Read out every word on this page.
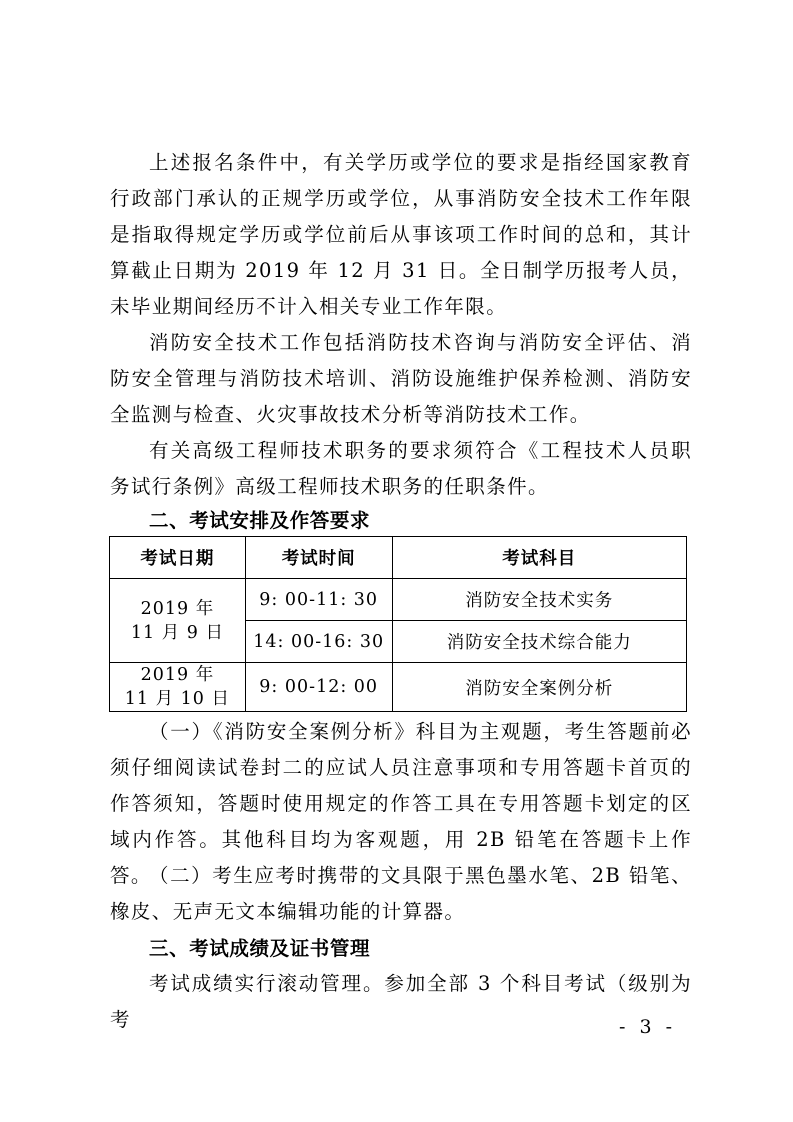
上述报名条件中，有关学历或学位的要求是指经国家教育行政部门承认的正规学历或学位，从事消防安全技术工作年限是指取得规定学历或学位前后从事该项工作时间的总和，其计算截止日期为 2019 年 12 月 31 日。全日制学历报考人员，未毕业期间经历不计入相关专业工作年限。

消防安全技术工作包括消防技术咨询与消防安全评估、消防安全管理与消防技术培训、消防设施维护保养检测、消防安全监测与检查、火灾事故技术分析等消防技术工作。

有关高级工程师技术职务的要求须符合《工程技术人员职务试行条例》高级工程师技术职务的任职条件。

二、考试安排及作答要求
考试日期	考试时间	考试科目

2019 年
11 月 9 日	9: 00-11: 30	消防安全技术实务
	14: 00-16: 30	消防安全技术综合能力

2019 年
11 月 10 日	9: 00-12: 00	消防安全案例分析

（一）《消防安全案例分析》科目为主观题，考生答题前必须仔细阅读试卷封二的应试人员注意事项和专用答题卡首页的作答须知，答题时使用规定的作答工具在专用答题卡划定的区域内作答。其他科目均为客观题，用 2B 铅笔在答题卡上作答。

（二）考生应考时携带的文具限于黑色墨水笔、2B 铅笔、橡皮、无声无文本编辑功能的计算器。

三、考试成绩及证书管理

考试成绩实行滚动管理。参加全部 3 个科目考试（级别为考	- 3 -
